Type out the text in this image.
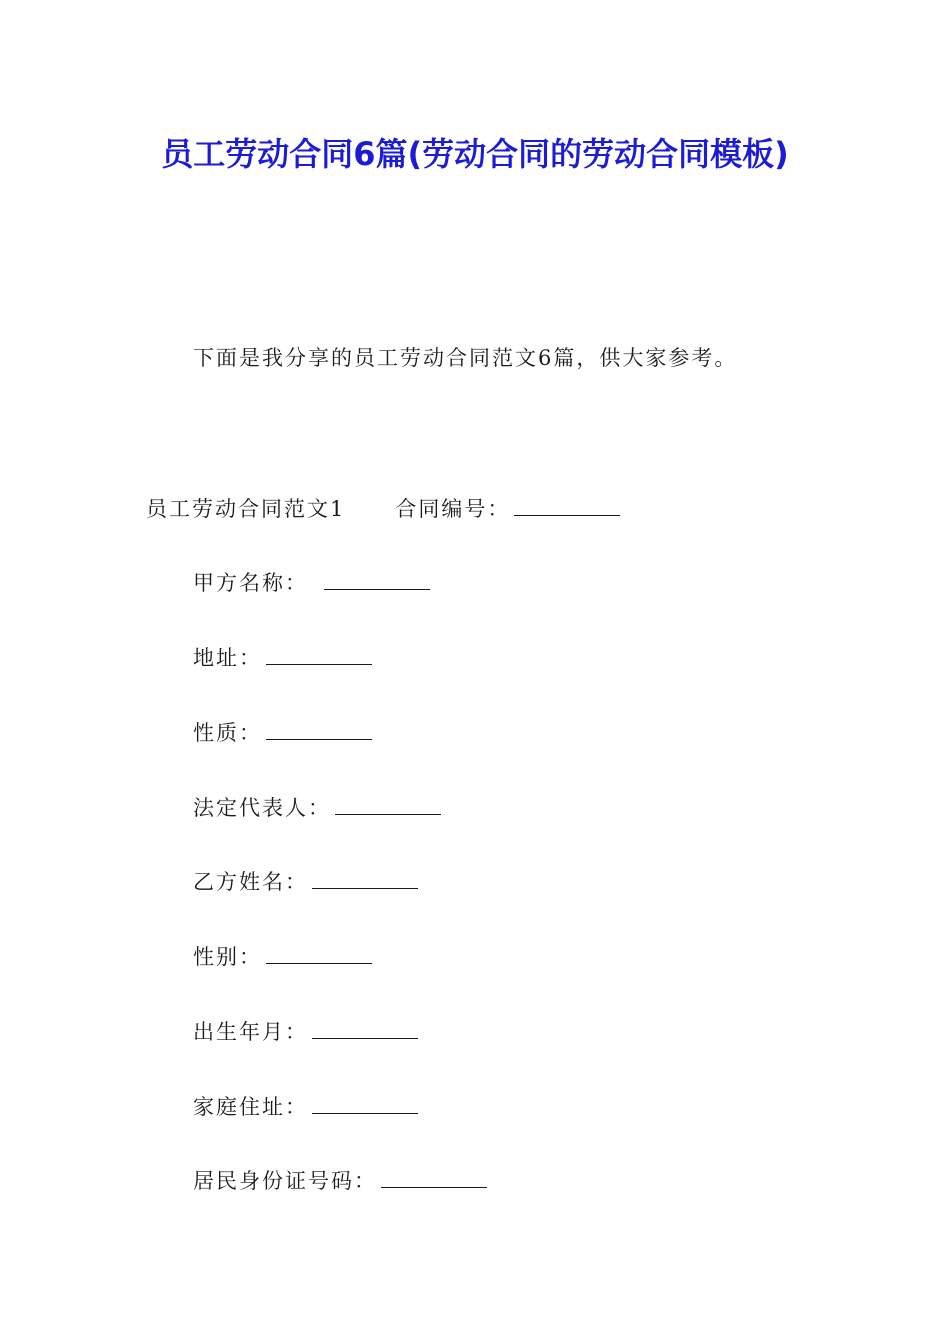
员工劳动合同6篇(劳动合同的劳动合同模板)
下面是我分享的员工劳动合同范文6篇，供大家参考。
员工劳动合同范文1 合同编号：
甲方名称：
地址：
性质：
法定代表人：
乙方姓名：
性别：
出生年月：
家庭住址：
居民身份证号码：
